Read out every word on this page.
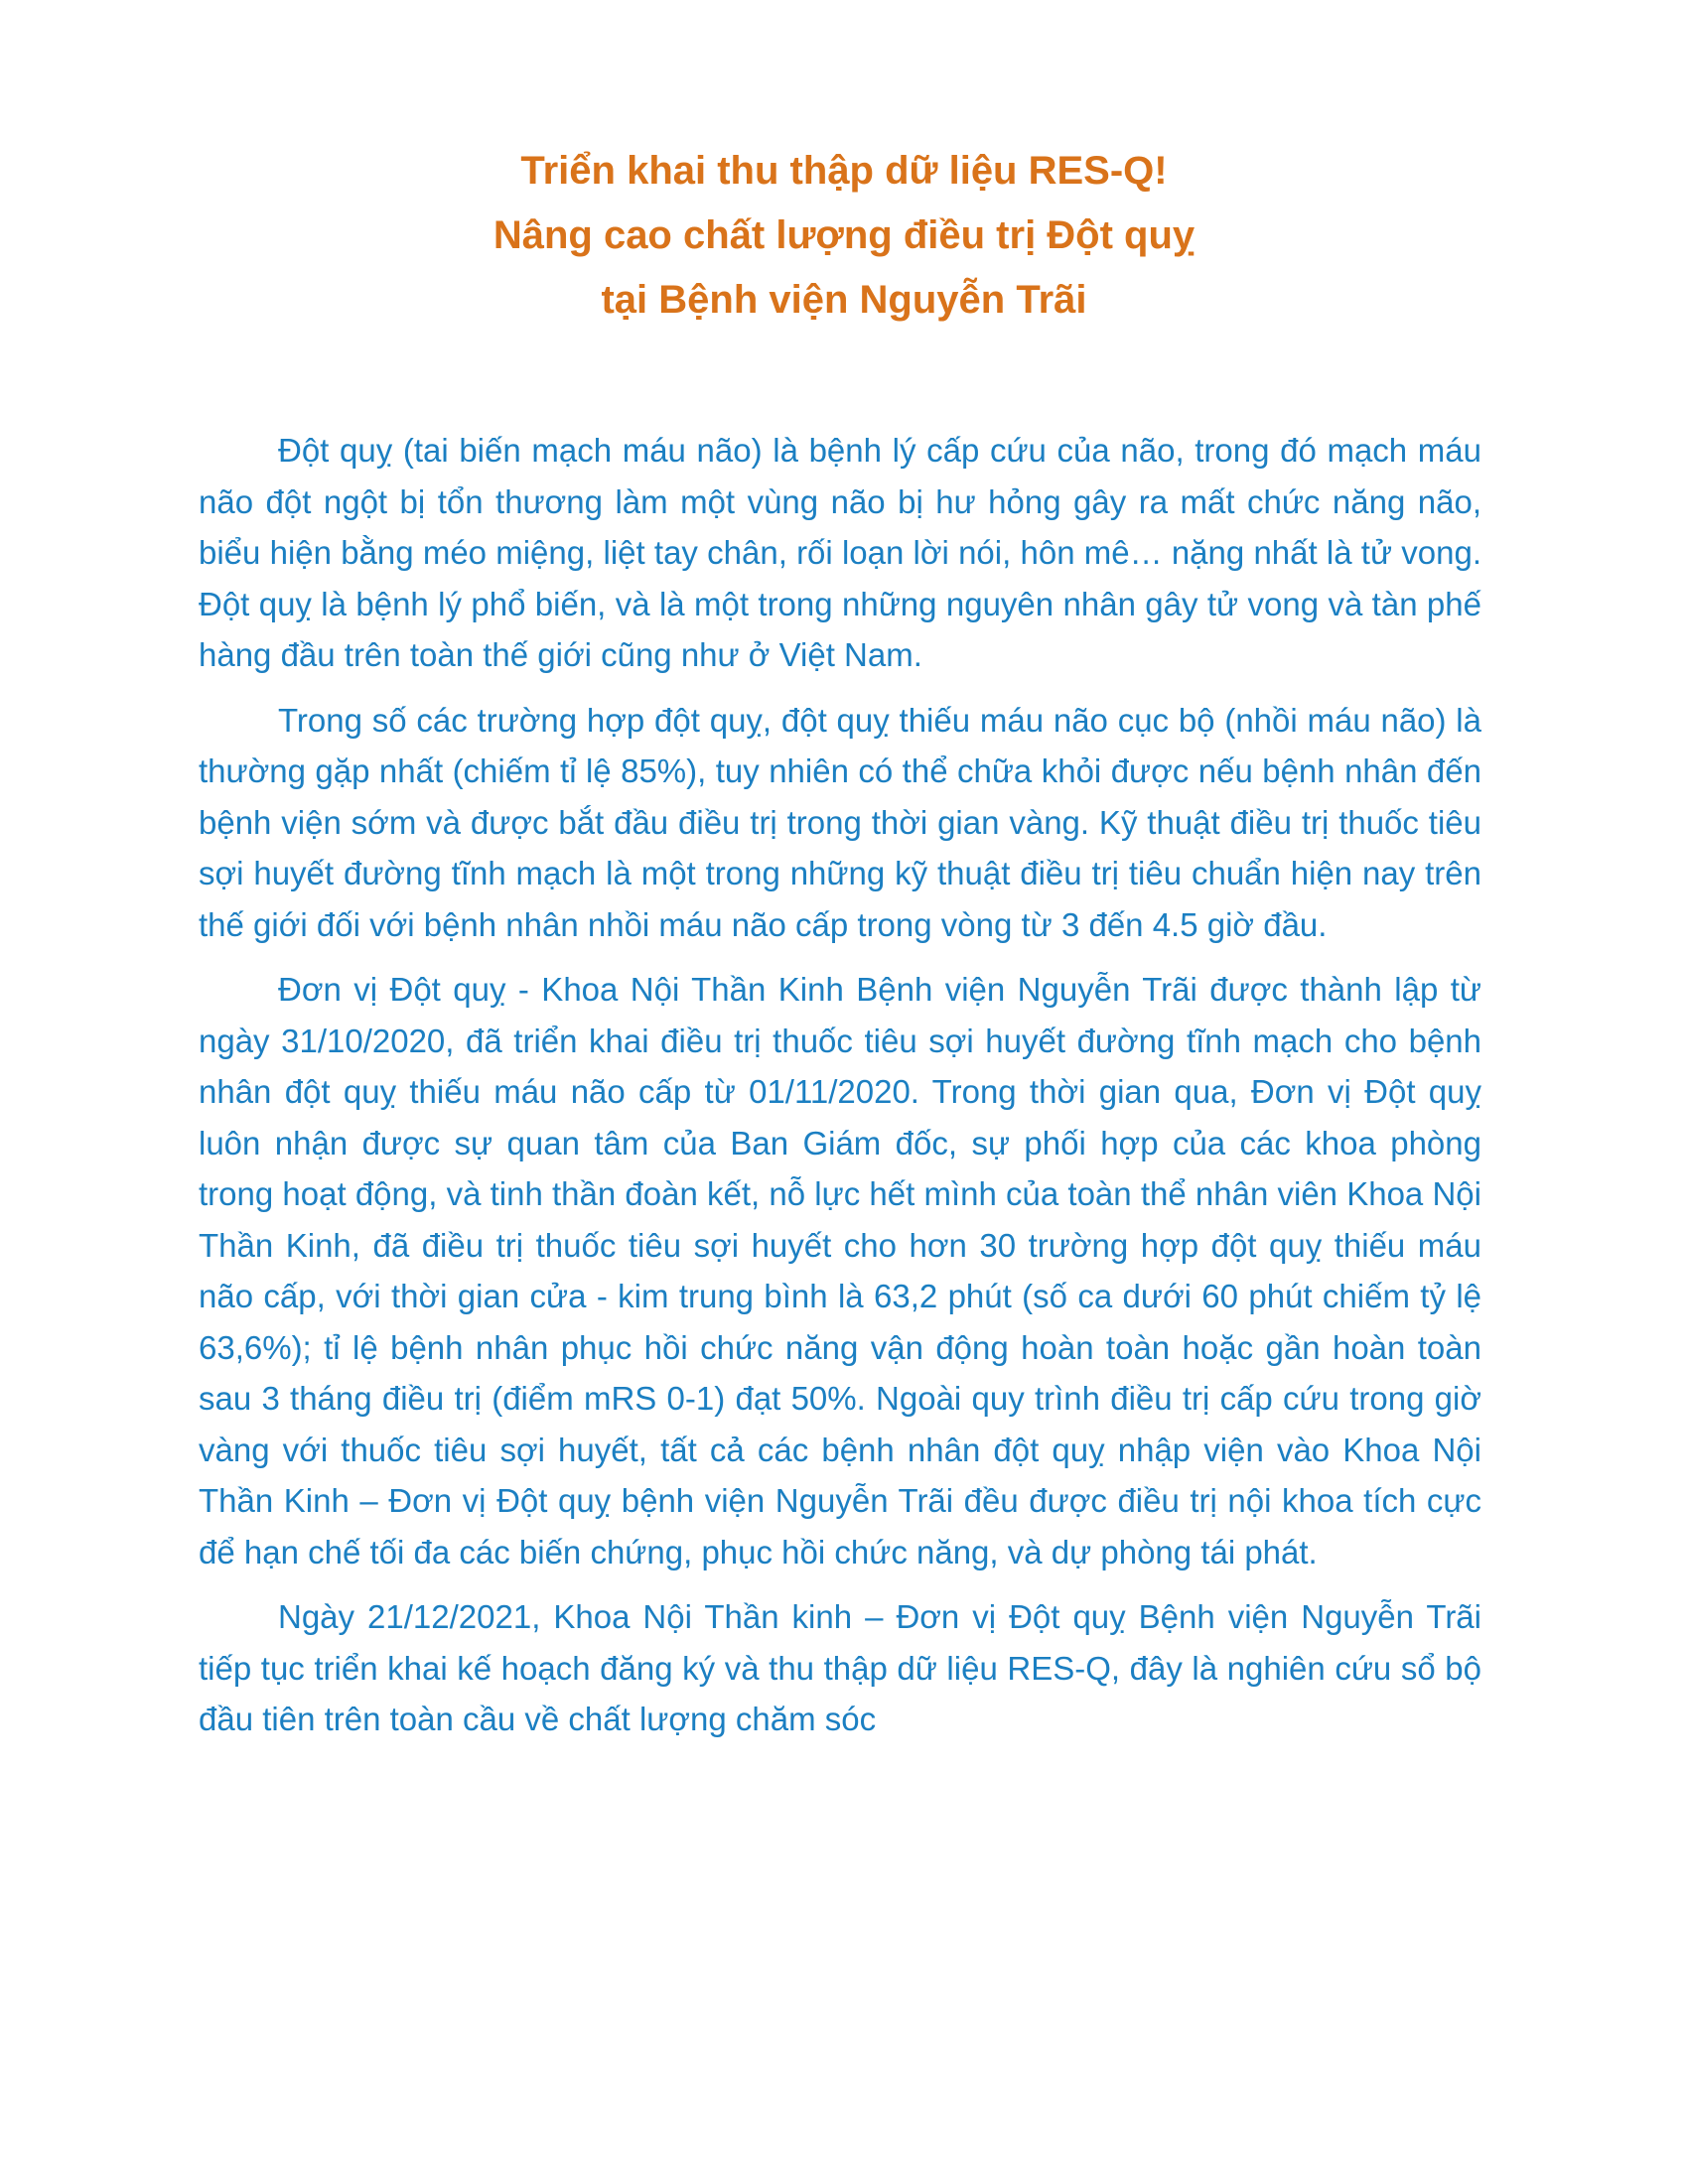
Triển khai thu thập dữ liệu RES-Q!
Nâng cao chất lượng điều trị Đột quỵ
tại Bệnh viện Nguyễn Trãi

Đột quỵ (tai biến mạch máu não) là bệnh lý cấp cứu của não, trong đó mạch máu não đột ngột bị tổn thương làm một vùng não bị hư hỏng gây ra mất chức năng não, biểu hiện bằng méo miệng, liệt tay chân, rối loạn lời nói, hôn mê… nặng nhất là tử vong. Đột quỵ là bệnh lý phổ biến, và là một trong những nguyên nhân gây tử vong và tàn phế hàng đầu trên toàn thế giới cũng như ở Việt Nam.

Trong số các trường hợp đột quỵ, đột quỵ thiếu máu não cục bộ (nhồi máu não) là thường gặp nhất (chiếm tỉ lệ 85%), tuy nhiên có thể chữa khỏi được nếu bệnh nhân đến bệnh viện sớm và được bắt đầu điều trị trong thời gian vàng. Kỹ thuật điều trị thuốc tiêu sợi huyết đường tĩnh mạch là một trong những kỹ thuật điều trị tiêu chuẩn hiện nay trên thế giới đối với bệnh nhân nhồi máu não cấp trong vòng từ 3 đến 4.5 giờ đầu.

Đơn vị Đột quỵ - Khoa Nội Thần Kinh Bệnh viện Nguyễn Trãi được thành lập từ ngày 31/10/2020, đã triển khai điều trị thuốc tiêu sợi huyết đường tĩnh mạch cho bệnh nhân đột quỵ thiếu máu não cấp từ 01/11/2020. Trong thời gian qua, Đơn vị Đột quỵ luôn nhận được sự quan tâm của Ban Giám đốc, sự phối hợp của các khoa phòng trong hoạt động, và tinh thần đoàn kết, nỗ lực hết mình của toàn thể nhân viên Khoa Nội Thần Kinh, đã điều trị thuốc tiêu sợi huyết cho hơn 30 trường hợp đột quỵ thiếu máu não cấp, với thời gian cửa - kim trung bình là 63,2 phút (số ca dưới 60 phút chiếm tỷ lệ 63,6%); tỉ lệ bệnh nhân phục hồi chức năng vận động hoàn toàn hoặc gần hoàn toàn sau 3 tháng điều trị (điểm mRS 0-1) đạt 50%. Ngoài quy trình điều trị cấp cứu trong giờ vàng với thuốc tiêu sợi huyết, tất cả các bệnh nhân đột quỵ nhập viện vào Khoa Nội Thần Kinh – Đơn vị Đột quỵ bệnh viện Nguyễn Trãi đều được điều trị nội khoa tích cực để hạn chế tối đa các biến chứng, phục hồi chức năng, và dự phòng tái phát.

Ngày 21/12/2021, Khoa Nội Thần kinh – Đơn vị Đột quỵ Bệnh viện Nguyễn Trãi tiếp tục triển khai kế hoạch đăng ký và thu thập dữ liệu RES-Q, đây là nghiên cứu sổ bộ đầu tiên trên toàn cầu về chất lượng chăm sóc
